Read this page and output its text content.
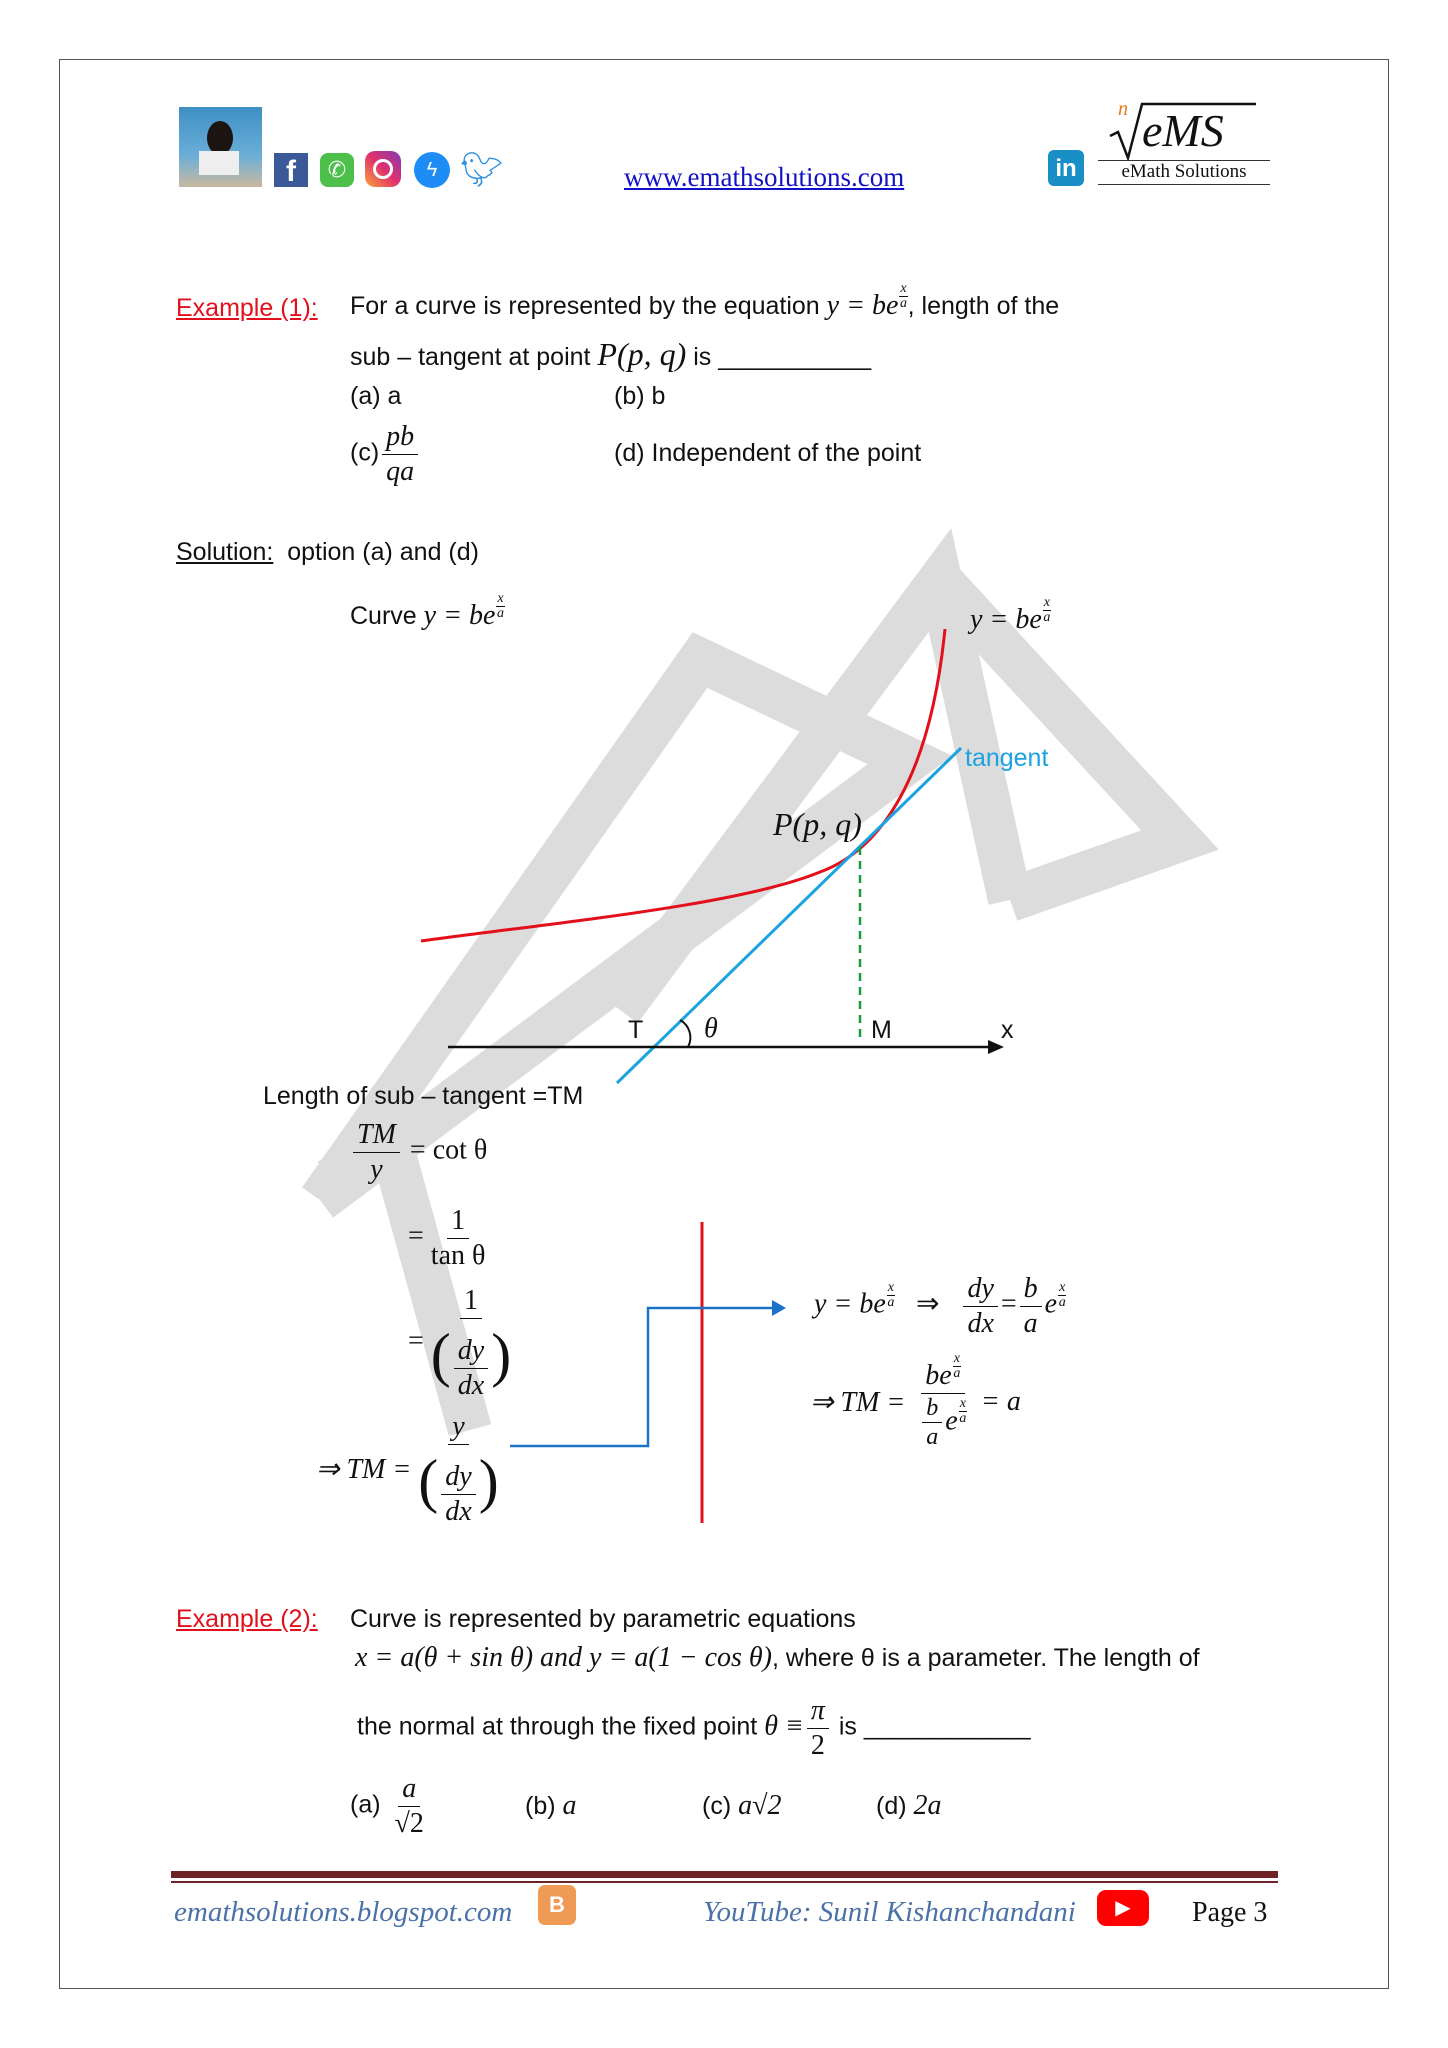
f	✆	ϟ 🐦︎	www.emathsolutions.com	in
n eMS
eMath Solutions
Example (1): For a curve is represented by the equation y = be $\frac{x}{a}$ , length of the
sub – tangent at point P(p, q) is ___________
(a) a	(b) b
$(c) \frac{pb}{qa}$	(d) Independent of the point
Solution: option (a) and (d)
Curve y = be $\frac{x}{a}$	y = be $\frac{x}{a}$
tangent
P(p, q)
T θ	M	x
Length of sub – tangent =TM
$\frac{TM}{y} = \cot \theta$
= $\frac{1}{\text{tan θ}}$
= $\frac{1}{( \frac{dy}{dx} )}$
⇒ TM = $\frac{y}{( \frac{dy}{dx} )}$
y = be $\frac{x}{a}$ ⇒ $\frac{dy}{dx} = \frac{b}{a}$ e $\frac{x}{a}$
⇒ TM = $\frac{be \frac{x}{a}}{\frac{b}{a} e \frac{x}{a}} = a$
Example (2): Curve is represented by parametric equations
x = a(θ + sin θ) and y = a(1 − cos θ), where θ is a parameter. The length of
the normal at through the fixed point $\theta \equiv \frac{\pi}{2}$ is ____________
$(a) \frac{a}{√2}$	(b) a	(c) a√2	(d) 2a
emathsolutions.blogspot.com	B	YouTube: Sunil Kishanchandani	▶	Page 3
